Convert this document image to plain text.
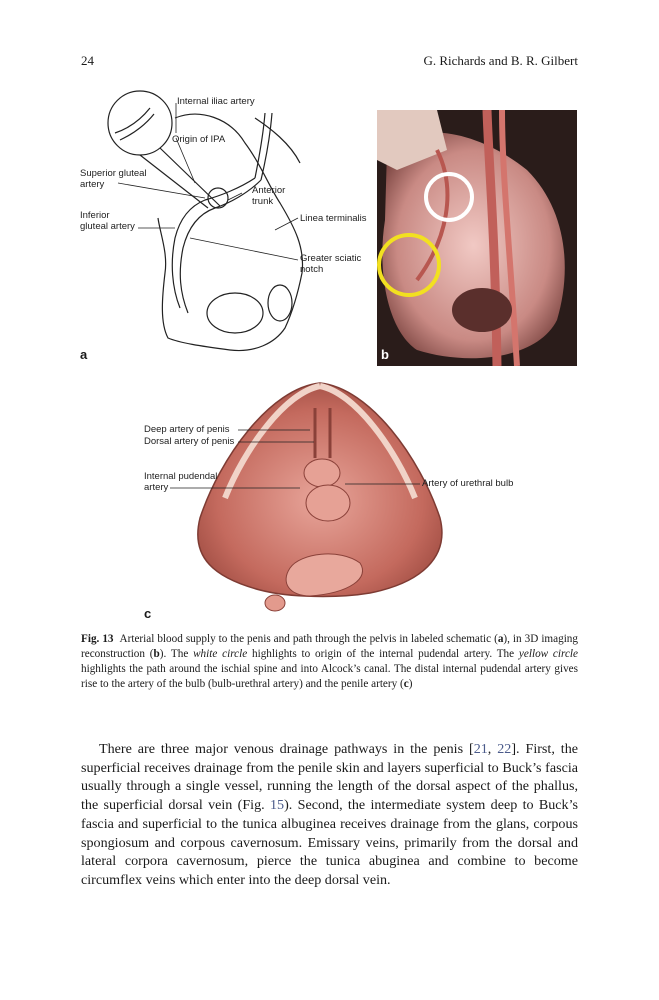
24	G. Richards and B. R. Gilbert
Internal iliac artery
Origin of IPA
Superior gluteal
artery
Anterior
trunk
Inferior
gluteal artery
Linea terminalis
Greater sciatic
notch
a	b
Deep artery of penis
Dorsal artery of penis
Internal pudendal
artery	Artery of urethral bulb
c
Fig. 13 Arterial blood supply to the penis and path through the pelvis in labeled schematic (a), in 3D imaging reconstruction (b). The white circle highlights to origin of the internal pudendal artery. The yellow circle highlights the path around the ischial spine and into Alcock’s canal. The distal internal pudendal artery gives rise to the artery of the bulb (bulb-urethral artery) and the penile artery (c)

There are three major venous drainage pathways in the penis [21, 22]. First, the superficial receives drainage from the penile skin and layers superficial to Buck’s fascia usually through a single vessel, running the length of the dorsal aspect of the phallus, the superficial dorsal vein (Fig. 15). Second, the intermediate system deep to Buck’s fascia and superficial to the tunica albuginea receives drainage from the glans, corpous spongiosum and corpous cavernosum. Emissary veins, primarily from the dorsal and lateral corpora cavernosum, pierce the tunica abuginea and combine to become circumflex veins which enter into the deep dorsal vein.
